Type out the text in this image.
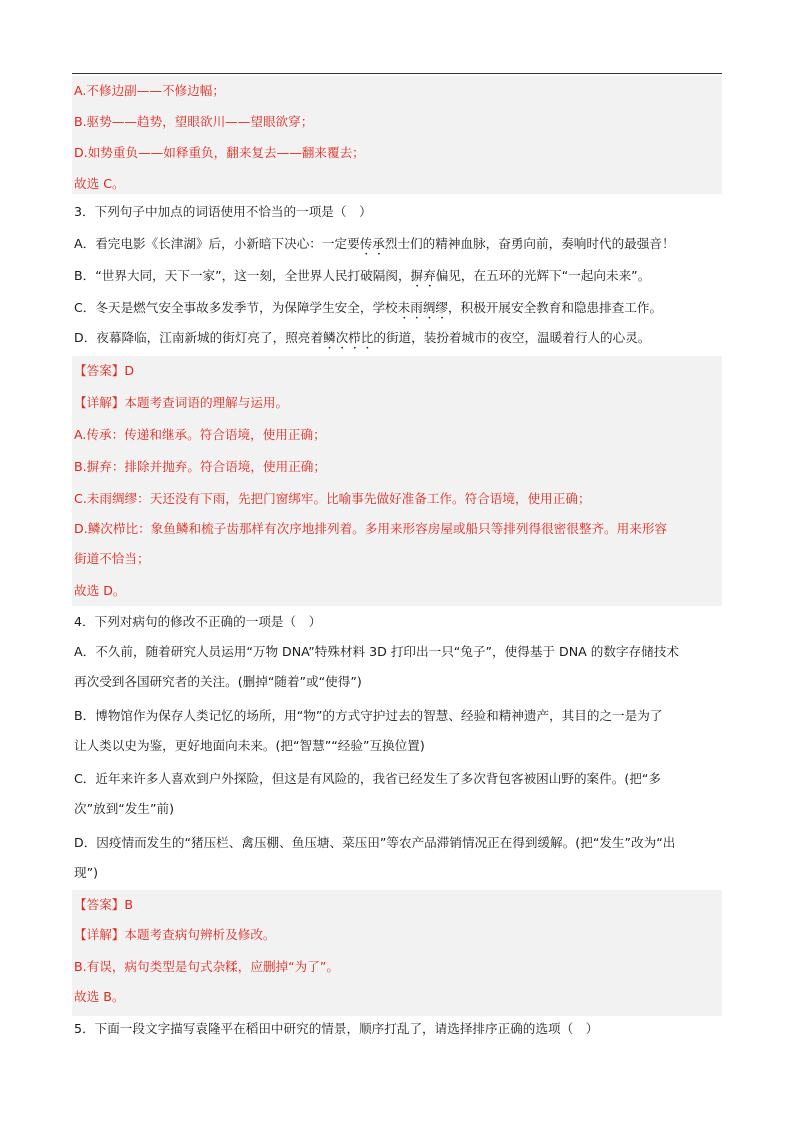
A.不修边副——不修边幅；
B.驱势——趋势，望眼欲川——望眼欲穿；
D.如势重负——如释重负，翻来复去——翻来覆去；
故选 C。
3．下列句子中加点的词语使用不恰当的一项是（　）
A．看完电影《长津湖》后，小新暗下决心：一定要传承烈士们的精神血脉，奋勇向前，奏响时代的最强音！
B．“世界大同，天下一家”，这一刻，全世界人民打破隔阂，摒弃偏见，在五环的光辉下“一起向未来”。
C．冬天是燃气安全事故多发季节，为保障学生安全，学校未雨绸缪，积极开展安全教育和隐患排查工作。
D．夜幕降临，江南新城的街灯亮了，照亮着鳞次栉比的街道，装扮着城市的夜空，温暖着行人的心灵。
【答案】D
【详解】本题考查词语的理解与运用。
A.传承：传递和继承。符合语境，使用正确；
B.摒弃：排除并抛弃。符合语境，使用正确；
C.未雨绸缪：天还没有下雨，先把门窗绑牢。比喻事先做好准备工作。符合语境，使用正确；
D.鳞次栉比：象鱼鳞和梳子齿那样有次序地排列着。多用来形容房屋或船只等排列得很密很整齐。用来形容
街道不恰当；
故选 D。
4．下列对病句的修改不正确的一项是（　）
A．不久前，随着研究人员运用“万物 DNA”特殊材料 3D 打印出一只“兔子”，使得基于 DNA 的数字存储技术
再次受到各国研究者的关注。(删掉“随着”或“使得”)
B．博物馆作为保存人类记忆的场所，用“物”的方式守护过去的智慧、经验和精神遗产，其目的之一是为了
让人类以史为鉴，更好地面向未来。(把“智慧”“经验”互换位置)
C．近年来许多人喜欢到户外探险，但这是有风险的，我省已经发生了多次背包客被困山野的案件。(把“多
次”放到“发生”前)
D．因疫情而发生的“猪压栏、禽压棚、鱼压塘、菜压田”等农产品滞销情况正在得到缓解。(把“发生”改为“出
现”)
【答案】B
【详解】本题考查病句辨析及修改。
B.有误，病句类型是句式杂糅，应删掉“为了”。
故选 B。
5．下面一段文字描写袁隆平在稻田中研究的情景，顺序打乱了，请选择排序正确的选项（　）
